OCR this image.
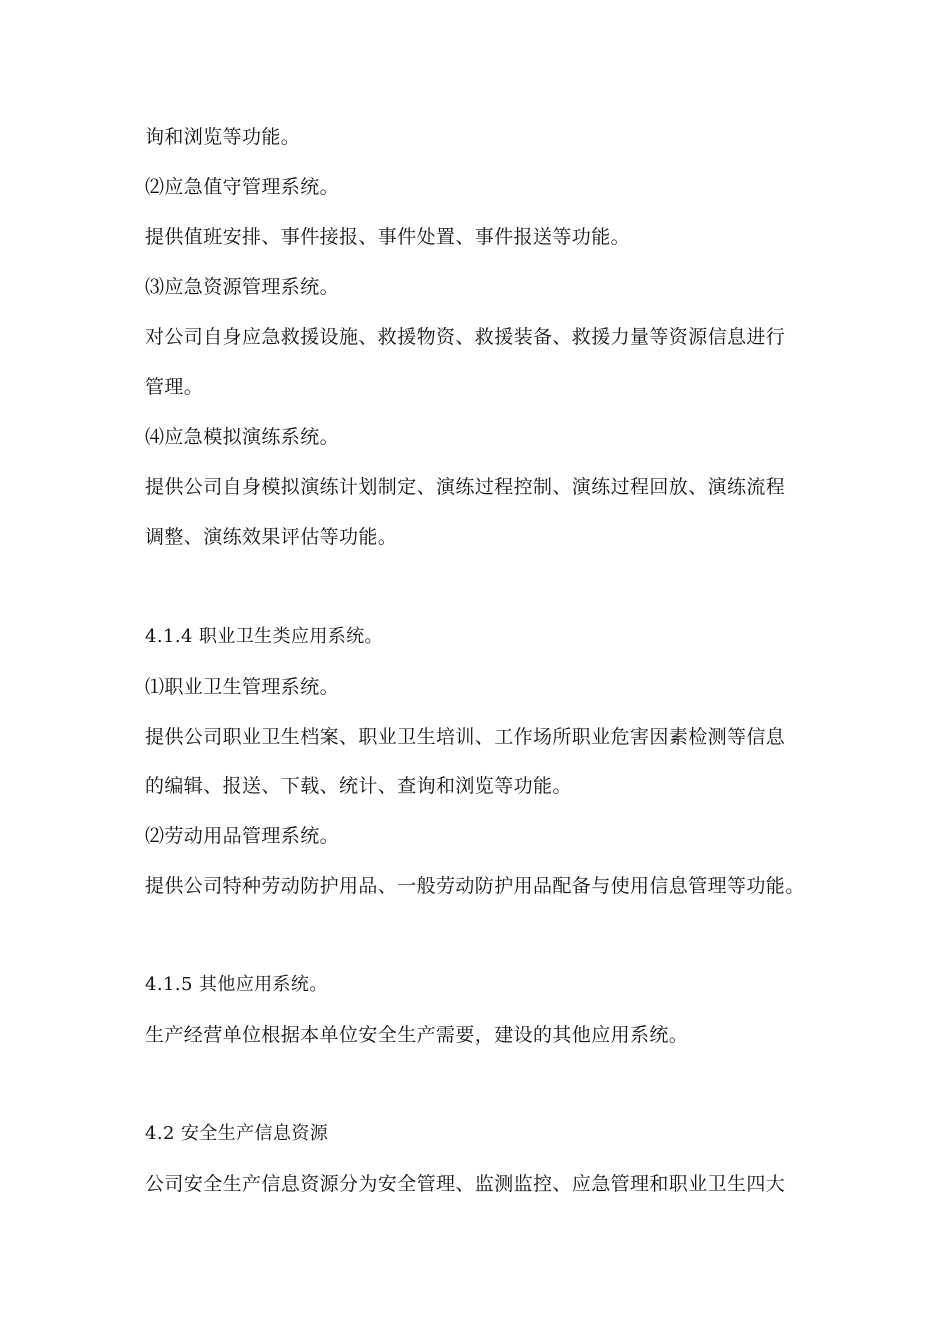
询和浏览等功能。
⑵应急值守管理系统。
提供值班安排、事件接报、事件处置、事件报送等功能。
⑶应急资源管理系统。
对公司自身应急救援设施、救援物资、救援装备、救援力量等资源信息进行
管理。
⑷应急模拟演练系统。
提供公司自身模拟演练计划制定、演练过程控制、演练过程回放、演练流程
调整、演练效果评估等功能。
4.1.4 职业卫生类应用系统。
⑴职业卫生管理系统。
提供公司职业卫生档案、职业卫生培训、工作场所职业危害因素检测等信息
的编辑、报送、下载、统计、查询和浏览等功能。
⑵劳动用品管理系统。
提供公司特种劳动防护用品、一般劳动防护用品配备与使用信息管理等功能。
4.1.5 其他应用系统。
生产经营单位根据本单位安全生产需要，建设的其他应用系统。
4.2 安全生产信息资源
公司安全生产信息资源分为安全管理、监测监控、应急管理和职业卫生四大
